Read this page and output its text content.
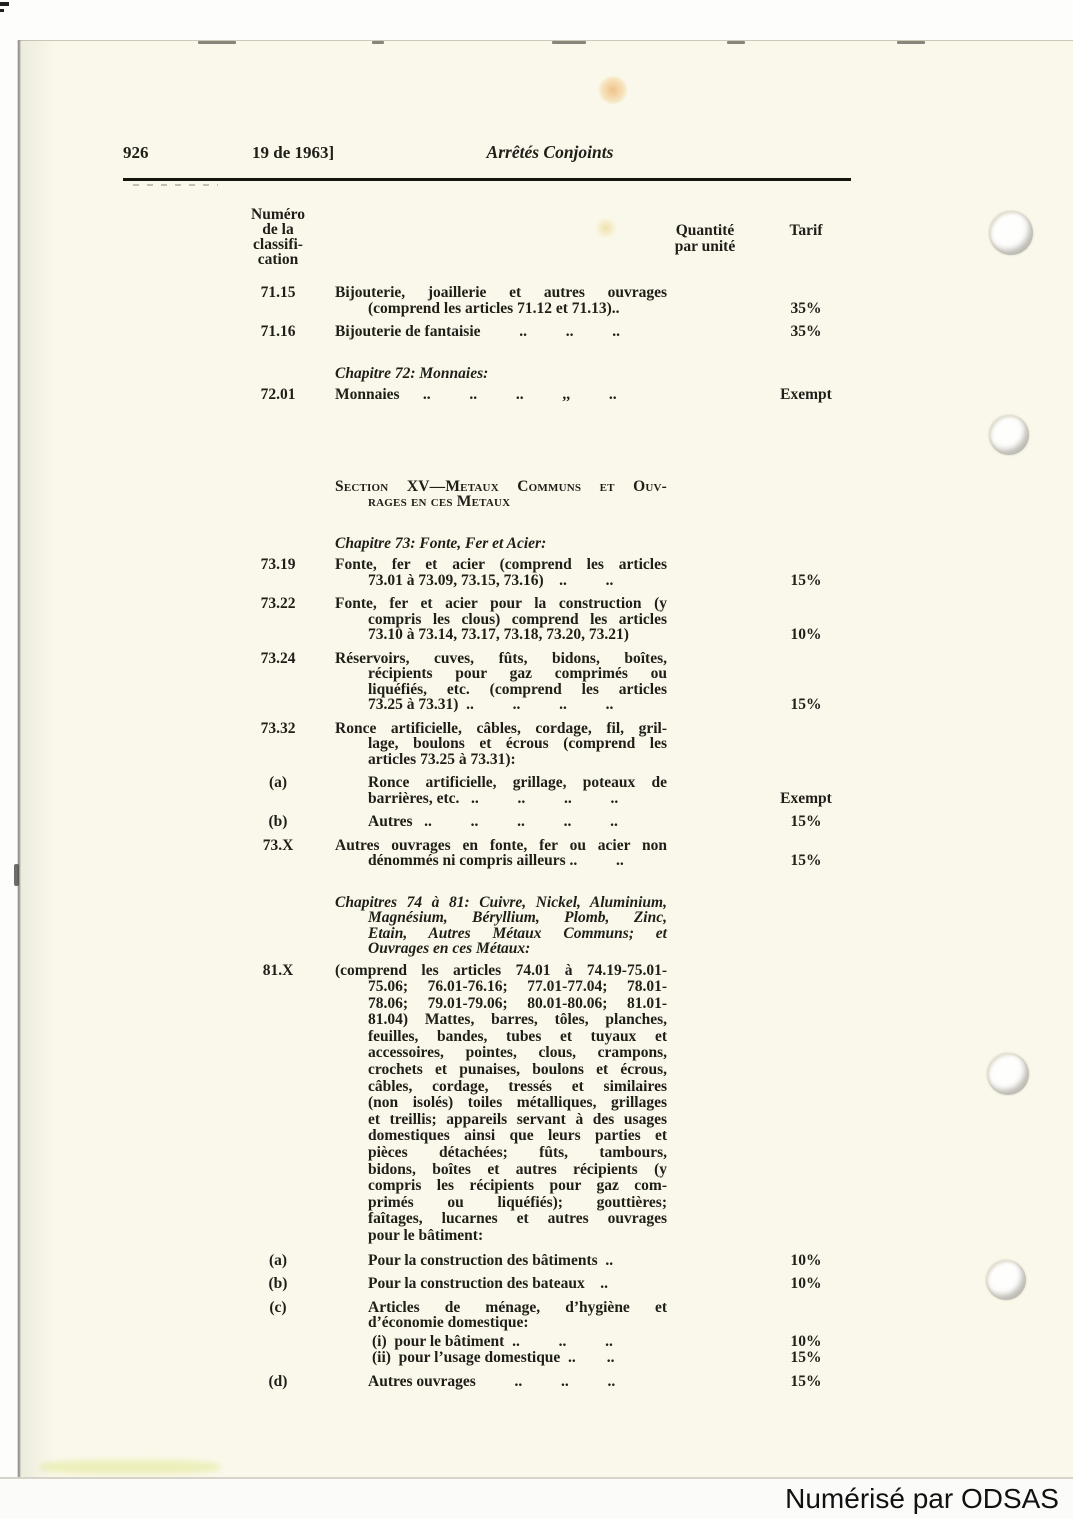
926	19 de 1963]	Arrêtés Conjoints
Numéro
de la
classifi-
cation
Quantité
par unité
Tarif
71.15	Bijouterie, joaillerie et autres ouvrages
(comprend les articles 71.12 et 71.13)..	35%
71.16	Bijouterie de fantaisie          ..          ..          ..	35%
Chapitre 72: Monnaies:
72.01	Monnaies      ..          ..          ..          ,,          ..	Exempt
Section XV—Metaux Communs et Ouv-
rages en ces Metaux
Chapitre 73: Fonte, Fer et Acier:
73.19	Fonte, fer et acier (comprend les articles
73.01 à 73.09, 73.15, 73.16)    ..          ..	15%
73.22	Fonte, fer et acier pour la construction (y
compris les clous) comprend les articles
73.10 à 73.14, 73.17, 73.18, 73.20, 73.21)	10%
73.24	Réservoirs, cuves, fûts, bidons, boîtes,
récipients pour gaz comprimés ou
liquéfiés, etc. (comprend les articles
73.25 à 73.31)  ..          ..          ..          ..	15%
73.32	Ronce artificielle, câbles, cordage, fil, gril-
lage, boulons et écrous (comprend les
articles 73.25 à 73.31):
(a)	Ronce artificielle, grillage, poteaux de
barrières, etc.   ..          ..          ..          ..	Exempt
(b)	Autres   ..          ..          ..          ..          ..	15%
73.X	Autres ouvrages en fonte, fer ou acier non
dénommés ni compris ailleurs ..          ..	15%
Chapitres 74 à 81: Cuivre, Nickel, Aluminium,
Magnésium, Béryllium, Plomb, Zinc,
Etain, Autres Métaux Communs; et
Ouvrages en ces Métaux:
81.X	(comprend les articles 74.01 à 74.19-75.01-
75.06; 76.01-76.16; 77.01-77.04; 78.01-
78.06; 79.01-79.06; 80.01-80.06; 81.01-
81.04) Mattes, barres, tôles, planches,
feuilles, bandes, tubes et tuyaux et
accessoires, pointes, clous, crampons,
crochets et punaises, boulons et écrous,
câbles, cordage, tressés et similaires
(non isolés) toiles métalliques, grillages
et treillis; appareils servant à des usages
domestiques ainsi que leurs parties et
pièces détachées; fûts, tambours,
bidons, boîtes et autres récipients (y
compris les récipients pour gaz com-
primés ou liquéfiés); gouttières;
faîtages, lucarnes et autres ouvrages
pour le bâtiment:
(a)	Pour la construction des bâtiments  ..	10%
(b)	Pour la construction des bateaux    ..	10%
(c)	Articles de ménage, d’hygiène et
d’économie domestique:
(i)  pour le bâtiment  ..          ..          ..	10%
(ii)  pour l’usage domestique  ..        ..	15%
(d)	Autres ouvrages          ..          ..          ..	15%
Numérisé par ODSAS
